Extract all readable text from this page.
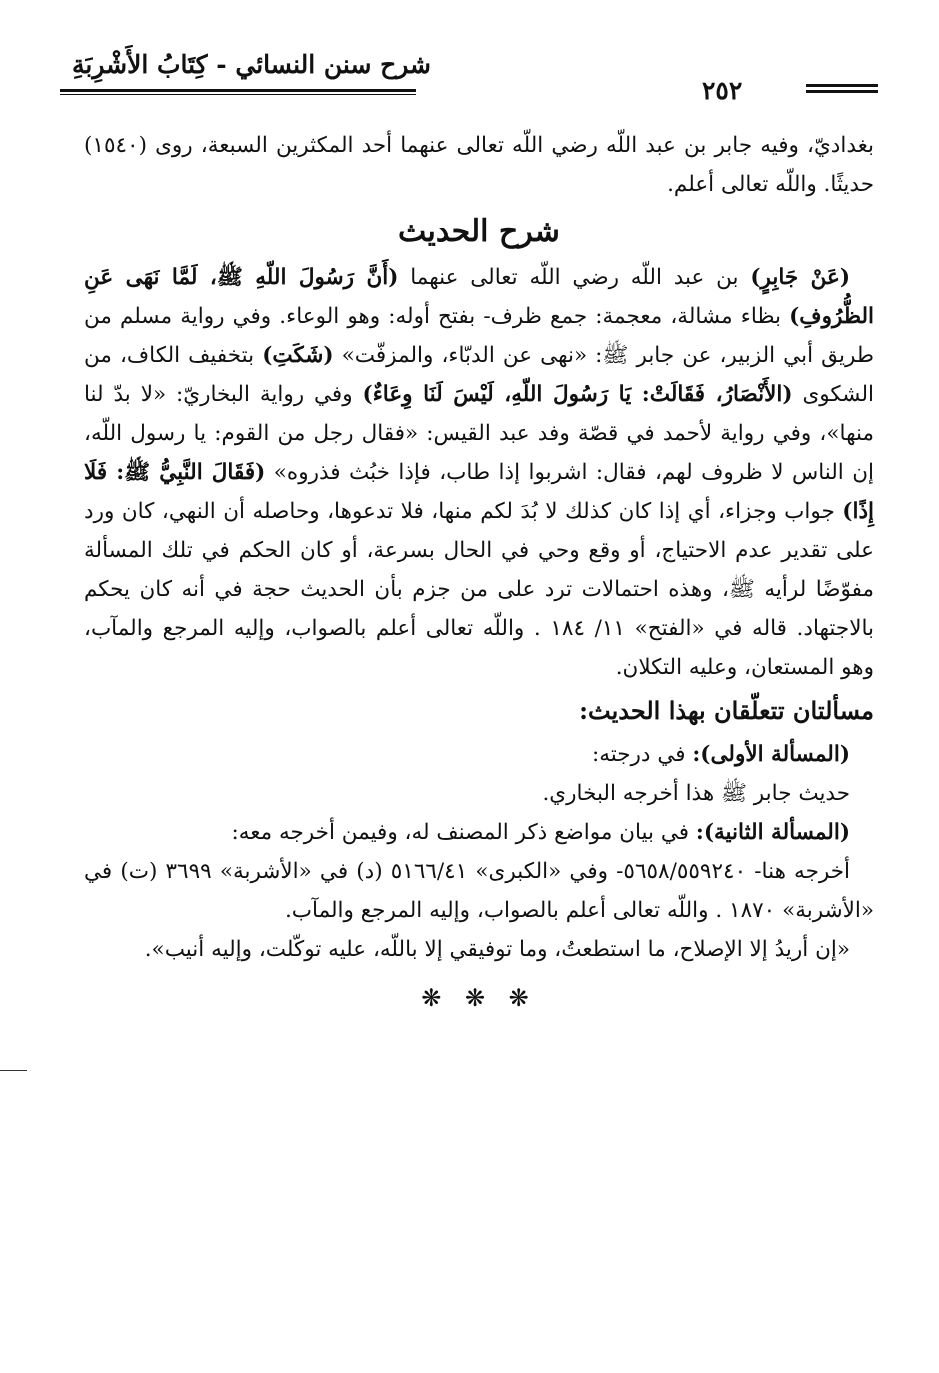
شرح سنن النسائي - كِتَابُ الأَشْرِبَةِ
٢٥٢

بغداديّ، وفيه جابر بن عبد اللّه رضي اللّه تعالى عنهما أحد المكثرين السبعة، روى (١٥٤٠) حديثًا. واللّه تعالى أعلم.

شرح الحديث

(عَنْ جَابِرٍ) بن عبد اللّه رضي اللّه تعالى عنهما (أَنَّ رَسُولَ اللّهِ ﷺ، لَمَّا نَهَى عَنِ الظُّرُوفِ) بظاء مشالة، معجمة: جمع ظرف- بفتح أوله: وهو الوعاء. وفي رواية مسلم من طريق أبي الزبير، عن جابر ﷺ: «نهى عن الدبّاء، والمزفّت» (شَكَتِ) بتخفيف الكاف، من الشكوى (الأَنْصَارُ، فَقَالَتْ: يَا رَسُولَ اللّهِ، لَيْسَ لَنَا وِعَاءٌ) وفي رواية البخاريّ: «لا بدّ لنا منها»، وفي رواية لأحمد في قصّة وفد عبد القيس: «فقال رجل من القوم: يا رسول اللّه، إن الناس لا ظروف لهم، فقال: اشربوا إذا طاب، فإذا خبُث فذروه» (فَقَالَ النَّبِيُّ ﷺ: فَلَا إِذًا) جواب وجزاء، أي إذا كان كذلك لا بُدَ لكم منها، فلا تدعوها، وحاصله أن النهي، كان ورد على تقدير عدم الاحتياج، أو وقع وحي في الحال بسرعة، أو كان الحكم في تلك المسألة مفوّضًا لرأيه ﷺ، وهذه احتمالات ترد على من جزم بأن الحديث حجة في أنه كان يحكم بالاجتهاد. قاله في «الفتح» ١١/ ١٨٤ . واللّه تعالى أعلم بالصواب، وإليه المرجع والمآب، وهو المستعان، وعليه التكلان.

مسألتان تتعلّقان بهذا الحديث:

(المسألة الأولى): في درجته:

حديث جابر ﷺ هذا أخرجه البخاري.

(المسألة الثانية): في بيان مواضع ذكر المصنف له، وفيمن أخرجه معه:

أخرجه هنا- ٥٦٥٨/٥٥٩٢٤٠- وفي «الكبرى» ٥١٦٦/٤١ (د) في «الأشربة» ٣٦٩٩ (ت) في «الأشربة» ١٨٧٠ . واللّه تعالى أعلم بالصواب، وإليه المرجع والمآب.

«إن أريدُ إلا الإصلاح، ما استطعتُ، وما توفيقي إلا باللّه، عليه توكّلت، وإليه أنيب».

❋ ❋ ❋
